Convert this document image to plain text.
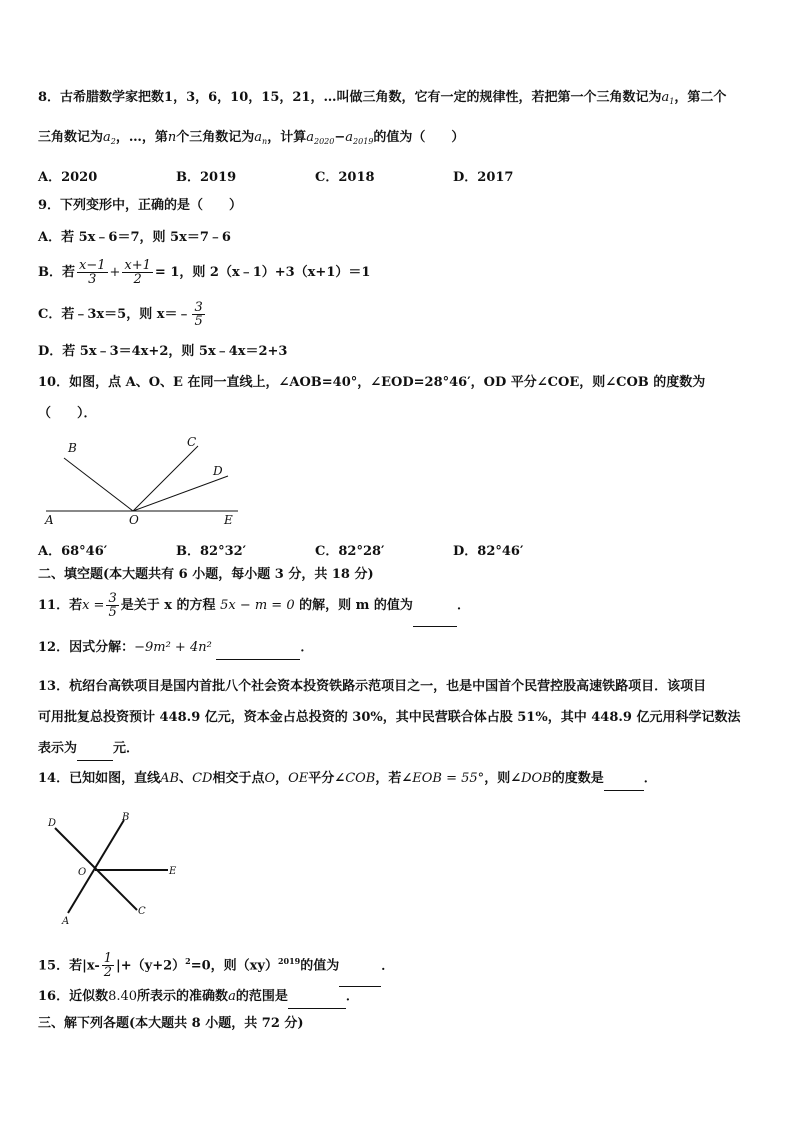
8．古希腊数学家把数1，3，6，10，15，21，…叫做三角数，它有一定的规律性，若把第一个三角数记为$a_1$，第二个
三角数记为$a_2$，…，第n个三角数记为$a_n$，计算$a_{2020}-a_{2019}$的值为（　　）
A．2020	B．2019	C．2018	D．2017
9．下列变形中，正确的是（　　）
A．若 5x﹣6＝7，则 5x＝7﹣6
B．若 $\frac{x-1}{3} + \frac{x+1}{2} = 1$，则 2（x﹣1）+3（x+1）＝1
C．若﹣3x＝5，则 x＝﹣ $\frac{3}{5}$
D．若 5x﹣3＝4x+2，则 5x﹣4x＝2+3
10．如图，点 A、O、E 在同一直线上，∠AOB=40°，∠EOD=28°46′，OD 平分∠COE，则∠COB 的度数为
（　　）．
B	C
D
A	O	E
A．68°46′	B．82°32′	C．82°28′	D．82°46′
二、填空题(本大题共有 6 小题，每小题 3 分，共 18 分)
11．若$x = \frac{3}{5}$ 是关于 x 的方程 5x − m = 0 的解，则 m 的值为	．
12．因式分解：−9m² + 4n²	．
13．杭绍台高铁项目是国内首批八个社会资本投资铁路示范项目之一，也是中国首个民营控股高速铁路项目．该项目
可用批复总投资预计 448.9 亿元，资本金占总投资的 30%，其中民营联合体占股 51%，其中 448.9 亿元用科学记数法
表示为	元．
14．已知如图，直线AB、CD相交于点O，OE平分∠COB，若∠EOB = 55°，则∠DOB的度数是	．
D
B
O	E
A
C
15．若$|x- \frac{1}{2} |+(y+2)^2=0$，则（xy）$^{2019}$的值为	．
16．近似数8.40所表示的准确数a的范围是	．
三、解下列各题(本大题共 8 小题，共 72 分)
